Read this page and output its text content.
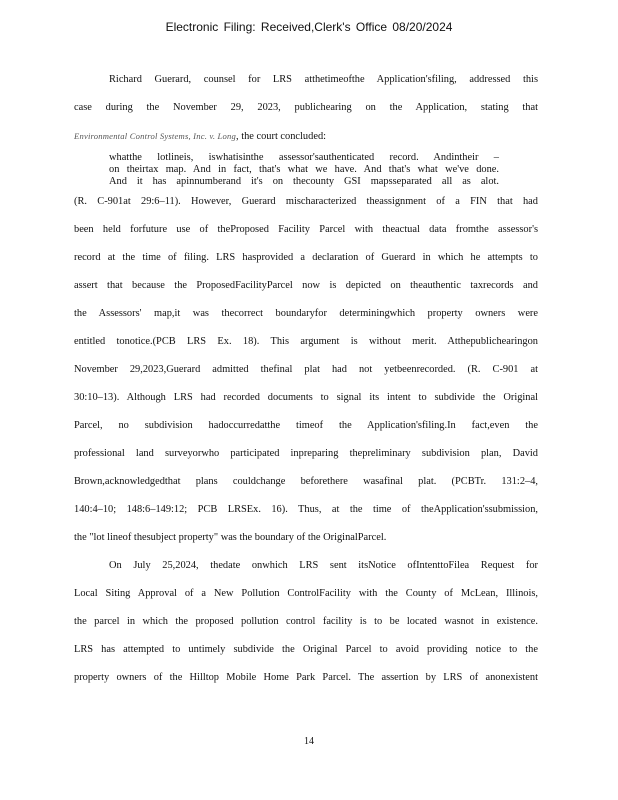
Electronic Filing: Received,Clerk's Office 08/20/2024
Richard Guerard, counsel for LRS atthetimeofthe Application'sfiling, addressed this
case during the November 29, 2023, publichearing on the Application, stating that
Environmental Control Systems, Inc. v. Long, the court concluded:
whatthe lotlineis, iswhatisinthe assessor'sauthenticated record. Andintheir –
on theirtax map. And in fact, that's what we have. And that's what we've done.
And it has apinnumberand it's on thecounty GSI mapsseparated all as alot.
(R. C-901at 29:6–11). However, Guerard mischaracterized theassignment of a FIN that had
been held forfuture use of theProposed Facility Parcel with theactual data fromthe assessor's
record at the time of filing. LRS hasprovided a declaration of Guerard in which he attempts to
assert that because the ProposedFacilityParcel now is depicted on theauthentic taxrecords and
the Assessors' map,it was thecorrect boundaryfor determiningwhich property owners were
entitled tonotice.(PCB LRS Ex. 18). This argument is without merit. Atthepublichearingon
November 29,2023,Guerard admitted thefinal plat had not yetbeenrecorded. (R. C-901 at
30:10–13). Although LRS had recorded documents to signal its intent to subdivide the Original
Parcel, no subdivision hadoccurredatthe timeof the Application'sfiling.In fact,even the
professional land surveyorwho participated inpreparing thepreliminary subdivision plan, David
Brown,acknowledgedthat plans couldchange beforethere wasafinal plat. (PCBTr. 131:2–4,
140:4–10; 148:6–149:12; PCB LRSEx. 16). Thus, at the time of theApplication'ssubmission,
the "lot lineof thesubject property" was the boundary of the OriginalParcel.
On July 25,2024, thedate onwhich LRS sent itsNotice ofIntenttoFilea Request for
Local Siting Approval of a New Pollution ControlFacility with the County of McLean, Illinois,
the parcel in which the proposed pollution control facility is to be located wasnot in existence.
LRS has attempted to untimely subdivide the Original Parcel to avoid providing notice to the
property owners of the Hilltop Mobile Home Park Parcel. The assertion by LRS of anonexistent
14
